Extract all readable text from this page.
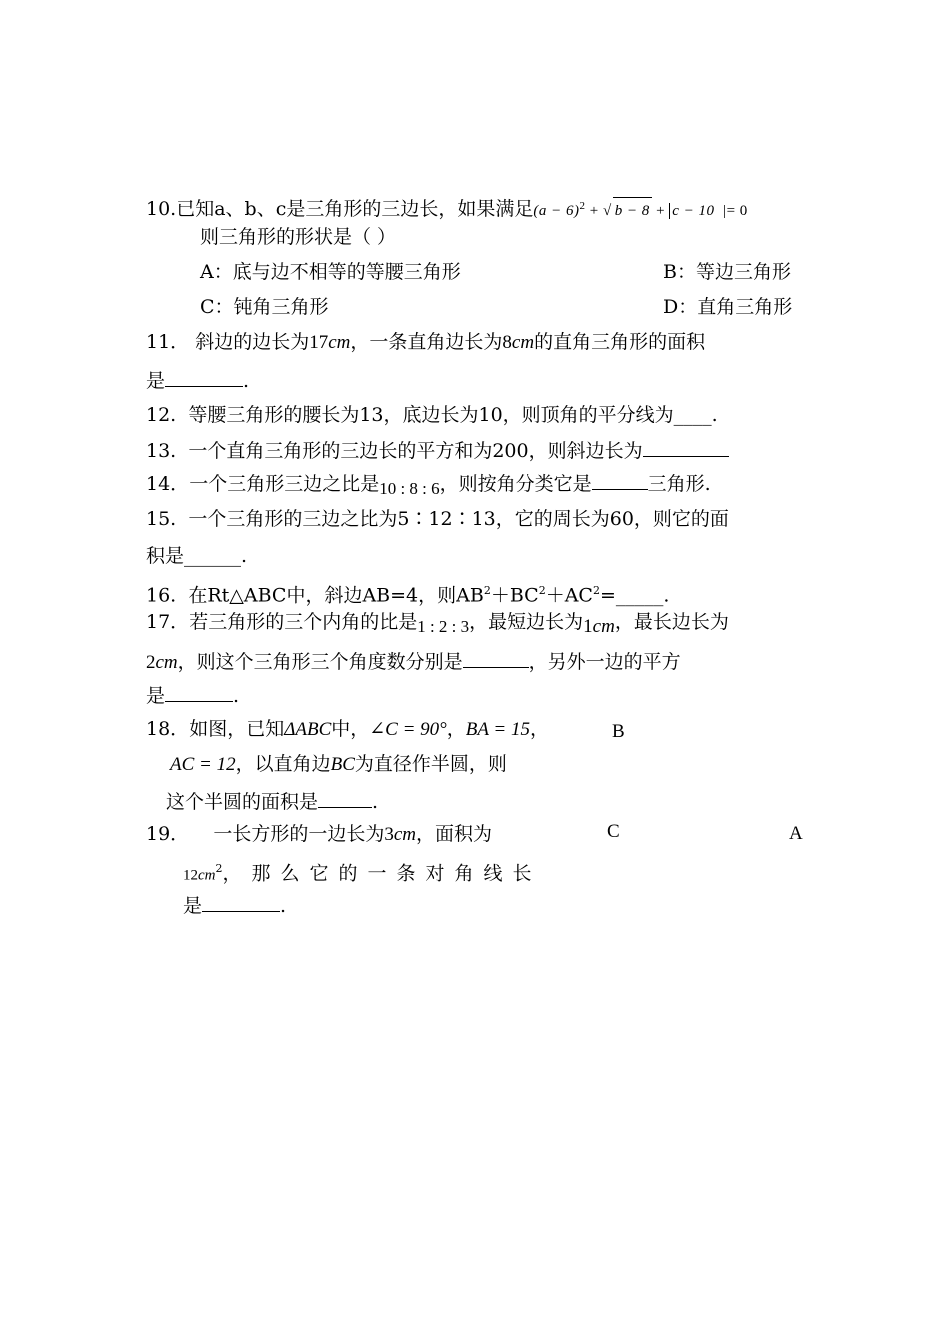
10.已知a、b、c是三角形的三边长，如果满足$(a - 6)^2$ + √ b − 8 + c − 10 |= 0
则三角形的形状是（ ）
A：底与边不相等的等腰三角形	B：等边三角形
C：钝角三角形	D：直角三角形
11． 斜边的边长为17cm，一条直角边长为8cm的直角三角形的面积
是	.
12. 等腰三角形的腰长为13，底边长为10，则顶角的平分线为____.
13. 一个直角三角形的三边长的平方和为200，则斜边长为
14．一个三角形三边之比是10 : 8 : 6，则按角分类它是	三角形.
15. 一个三角形的三边之比为5∶12∶13，它的周长为60，则它的面
积是______.
16. 在Rt△ABC中，斜边AB=4，则$AB^2+BC^2+AC^2=\_\_\_\_\_$.
17．若三角形的三个内角的比是1 : 2 : 3，最短边长为1cm，最长边长为
2cm，则这个三角形三个角度数分别是	，另外一边的平方
是	.
18．如图，已知ΔABC中，∠C = 90°，BA = 15，
AC = 12，以直角边BC为直径作半圆，则
这个半圆的面积是	.
19． 一长方形的一边长为3cm，面积为
$12cm^2$，那么它的一条对角线长
是	.
B
C	A
